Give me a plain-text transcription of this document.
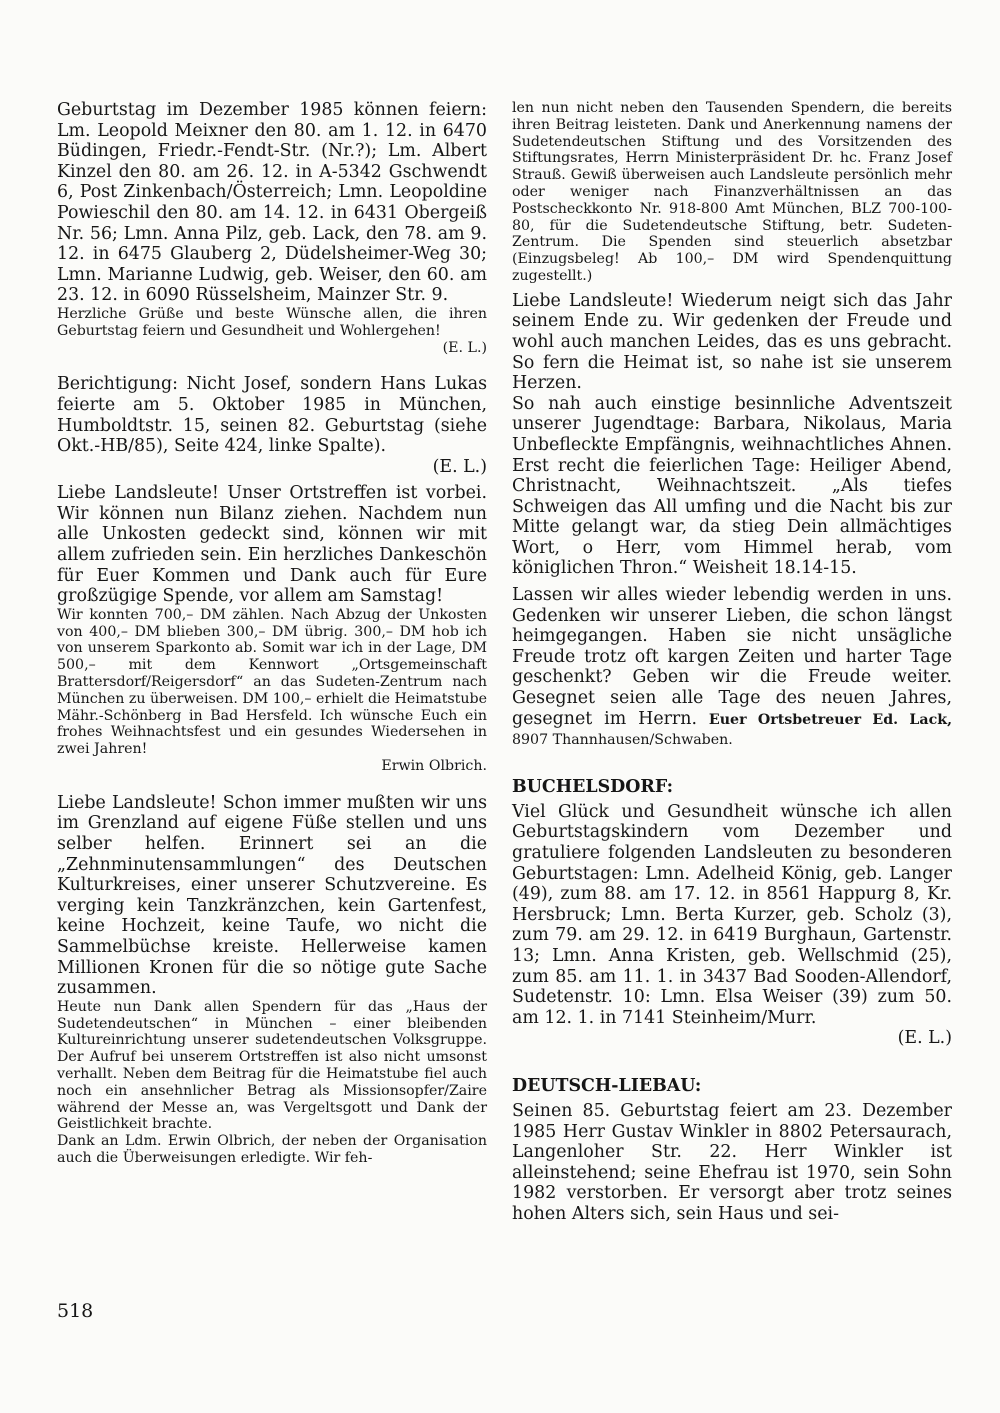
Geburtstag im Dezember 1985 können feiern: Lm. Leopold Meixner den 80. am 1. 12. in 6470 Büdingen, Friedr.-Fendt-Str. (Nr.?); Lm. Albert Kinzel den 80. am 26. 12. in A-5342 Gschwendt 6, Post Zinkenbach/Österreich; Lmn. Leopoldine Powieschil den 80. am 14. 12. in 6431 Obergeiß Nr. 56; Lmn. Anna Pilz, geb. Lack, den 78. am 9. 12. in 6475 Glauberg 2, Düdelsheimer-Weg 30; Lmn. Marianne Ludwig, geb. Weiser, den 60. am 23. 12. in 6090 Rüsselsheim, Mainzer Str. 9.

Herzliche Grüße und beste Wünsche allen, die ihren Geburtstag feiern und Gesundheit und Wohlergehen!
(E. L.)

Berichtigung: Nicht Josef, sondern Hans Lukas feierte am 5. Oktober 1985 in München, Humboldtstr. 15, seinen 82. Geburtstag (siehe Okt.-HB/85), Seite 424, linke Spalte).
(E. L.)

Liebe Landsleute! Unser Ortstreffen ist vorbei. Wir können nun Bilanz ziehen. Nachdem nun alle Unkosten gedeckt sind, können wir mit allem zufrieden sein. Ein herzliches Dankeschön für Euer Kommen und Dank auch für Eure großzügige Spende, vor allem am Samstag!

Wir konnten 700,– DM zählen. Nach Abzug der Unkosten von 400,– DM blieben 300,– DM übrig. 300,– DM hob ich von unserem Sparkonto ab. Somit war ich in der Lage, DM 500,– mit dem Kennwort „Ortsgemeinschaft Brattersdorf/Reigersdorf“ an das Sudeten-Zentrum nach München zu überweisen. DM 100,– erhielt die Heimatstube Mähr.-Schönberg in Bad Hersfeld. Ich wünsche Euch ein frohes Weihnachtsfest und ein gesundes Wiedersehen in zwei Jahren!
Erwin Olbrich.

Liebe Landsleute! Schon immer mußten wir uns im Grenzland auf eigene Füße stellen und uns selber helfen. Erinnert sei an die „Zehnminutensammlungen“ des Deutschen Kulturkreises, einer unserer Schutzvereine. Es verging kein Tanzkränzchen, kein Gartenfest, keine Hochzeit, keine Taufe, wo nicht die Sammelbüchse kreiste. Hellerweise kamen Millionen Kronen für die so nötige gute Sache zusammen.

Heute nun Dank allen Spendern für das „Haus der Sudetendeutschen“ in München – einer bleibenden Kultureinrichtung unserer sudetendeutschen Volksgruppe. Der Aufruf bei unserem Ortstreffen ist also nicht umsonst verhallt. Neben dem Beitrag für die Heimatstube fiel auch noch ein ansehnlicher Betrag als Missionsopfer/Zaire während der Messe an, was Vergeltsgott und Dank der Geistlichkeit brachte.

Dank an Ldm. Erwin Olbrich, der neben der Organisation auch die Überweisungen erledigte. Wir feh-

len nun nicht neben den Tausenden Spendern, die bereits ihren Beitrag leisteten. Dank und Anerkennung namens der Sudetendeutschen Stiftung und des Vorsitzenden des Stiftungsrates, Herrn Ministerpräsident Dr. hc. Franz Josef Strauß. Gewiß überweisen auch Landsleute persönlich mehr oder weniger nach Finanzverhältnissen an das Postscheckkonto Nr. 918-800 Amt München, BLZ 700-100-80, für die Sudetendeutsche Stiftung, betr. Sudeten-Zentrum. Die Spenden sind steuerlich absetzbar (Einzugsbeleg! Ab 100,– DM wird Spendenquittung zugestellt.)

Liebe Landsleute! Wiederum neigt sich das Jahr seinem Ende zu. Wir gedenken der Freude und wohl auch manchen Leides, das es uns gebracht. So fern die Heimat ist, so nahe ist sie unserem Herzen.

So nah auch einstige besinnliche Adventszeit unserer Jugendtage: Barbara, Nikolaus, Maria Unbefleckte Empfängnis, weihnachtliches Ahnen. Erst recht die feierlichen Tage: Heiliger Abend, Christnacht, Weihnachtszeit. „Als tiefes Schweigen das All umfing und die Nacht bis zur Mitte gelangt war, da stieg Dein allmächtiges Wort, o Herr, vom Himmel herab, vom königlichen Thron.“ Weisheit 18.14-15.

Lassen wir alles wieder lebendig werden in uns. Gedenken wir unserer Lieben, die schon längst heimgegangen. Haben sie nicht unsägliche Freude trotz oft kargen Zeiten und harter Tage geschenkt? Geben wir die Freude weiter. Gesegnet seien alle Tage des neuen Jahres, gesegnet im Herrn. Euer Ortsbetreuer Ed. Lack, 8907 Thannhausen/Schwaben.

BUCHELSDORF:

Viel Glück und Gesundheit wünsche ich allen Geburtstagskindern vom Dezember und gratuliere folgenden Landsleuten zu besonderen Geburtstagen: Lmn. Adelheid König, geb. Langer (49), zum 88. am 17. 12. in 8561 Happurg 8, Kr. Hersbruck; Lmn. Berta Kurzer, geb. Scholz (3), zum 79. am 29. 12. in 6419 Burghaun, Gartenstr. 13; Lmn. Anna Kristen, geb. Wellschmid (25), zum 85. am 11. 1. in 3437 Bad Sooden-Allendorf, Sudetenstr. 10: Lmn. Elsa Weiser (39) zum 50. am 12. 1. in 7141 Steinheim/Murr.
(E. L.)

DEUTSCH-LIEBAU:

Seinen 85. Geburtstag feiert am 23. Dezember 1985 Herr Gustav Winkler in 8802 Petersaurach, Langenloher Str. 22. Herr Winkler ist alleinstehend; seine Ehefrau ist 1970, sein Sohn 1982 verstorben. Er versorgt aber trotz seines hohen Alters sich, sein Haus und sei-

518
